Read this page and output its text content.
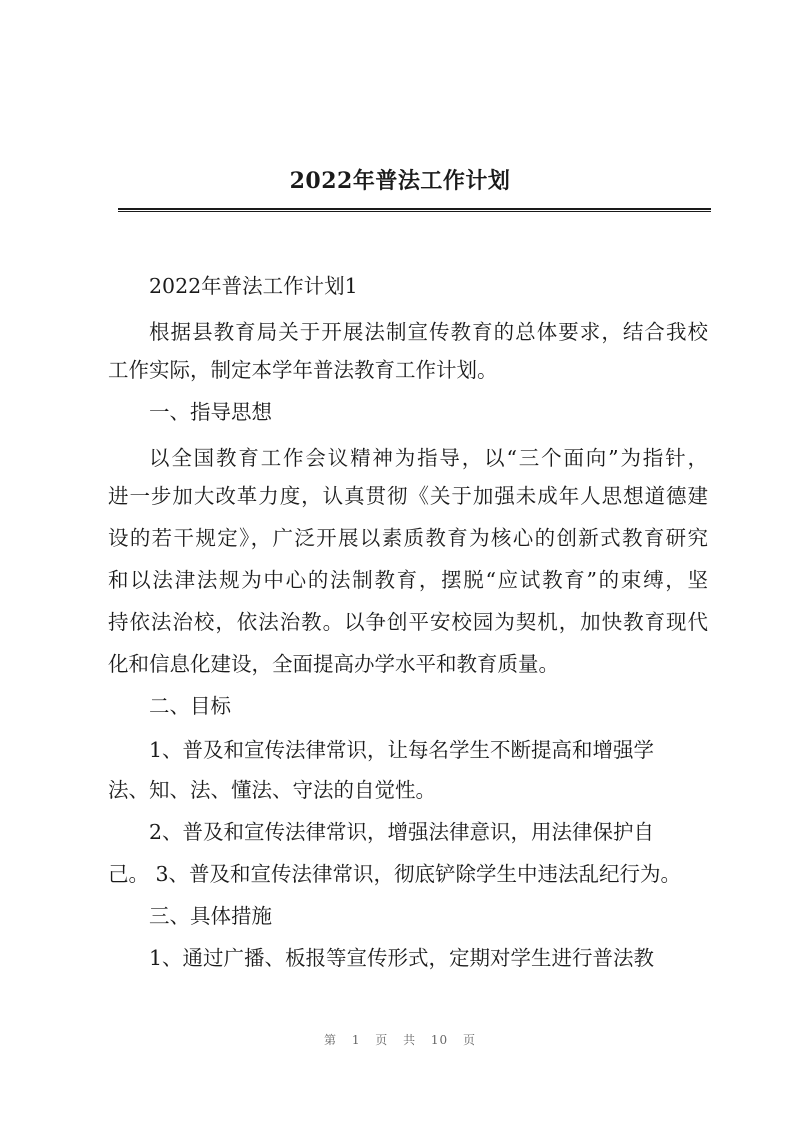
2022年普法工作计划

2022年普法工作计划1

根据县教育局关于开展法制宣传教育的总体要求，结合我校

工作实际，制定本学年普法教育工作计划。

一、指导思想

以全国教育工作会议精神为指导，以“三个面向”为指针，

进一步加大改革力度，认真贯彻《关于加强未成年人思想道德建

设的若干规定》，广泛开展以素质教育为核心的创新式教育研究

和以法津法规为中心的法制教育，摆脱“应试教育”的束缚，坚

持依法治校，依法治教。以争创平安校园为契机，加快教育现代

化和信息化建设，全面提高办学水平和教育质量。

二、目标

1、普及和宣传法律常识，让每名学生不断提高和增强学

法、知、法、懂法、守法的自觉性。

2、普及和宣传法律常识，增强法律意识，用法律保护自

己。 3、普及和宣传法律常识，彻底铲除学生中违法乱纪行为。

三、具体措施

1、通过广播、板报等宣传形式，定期对学生进行普法教

第 1 页 共 10 页
